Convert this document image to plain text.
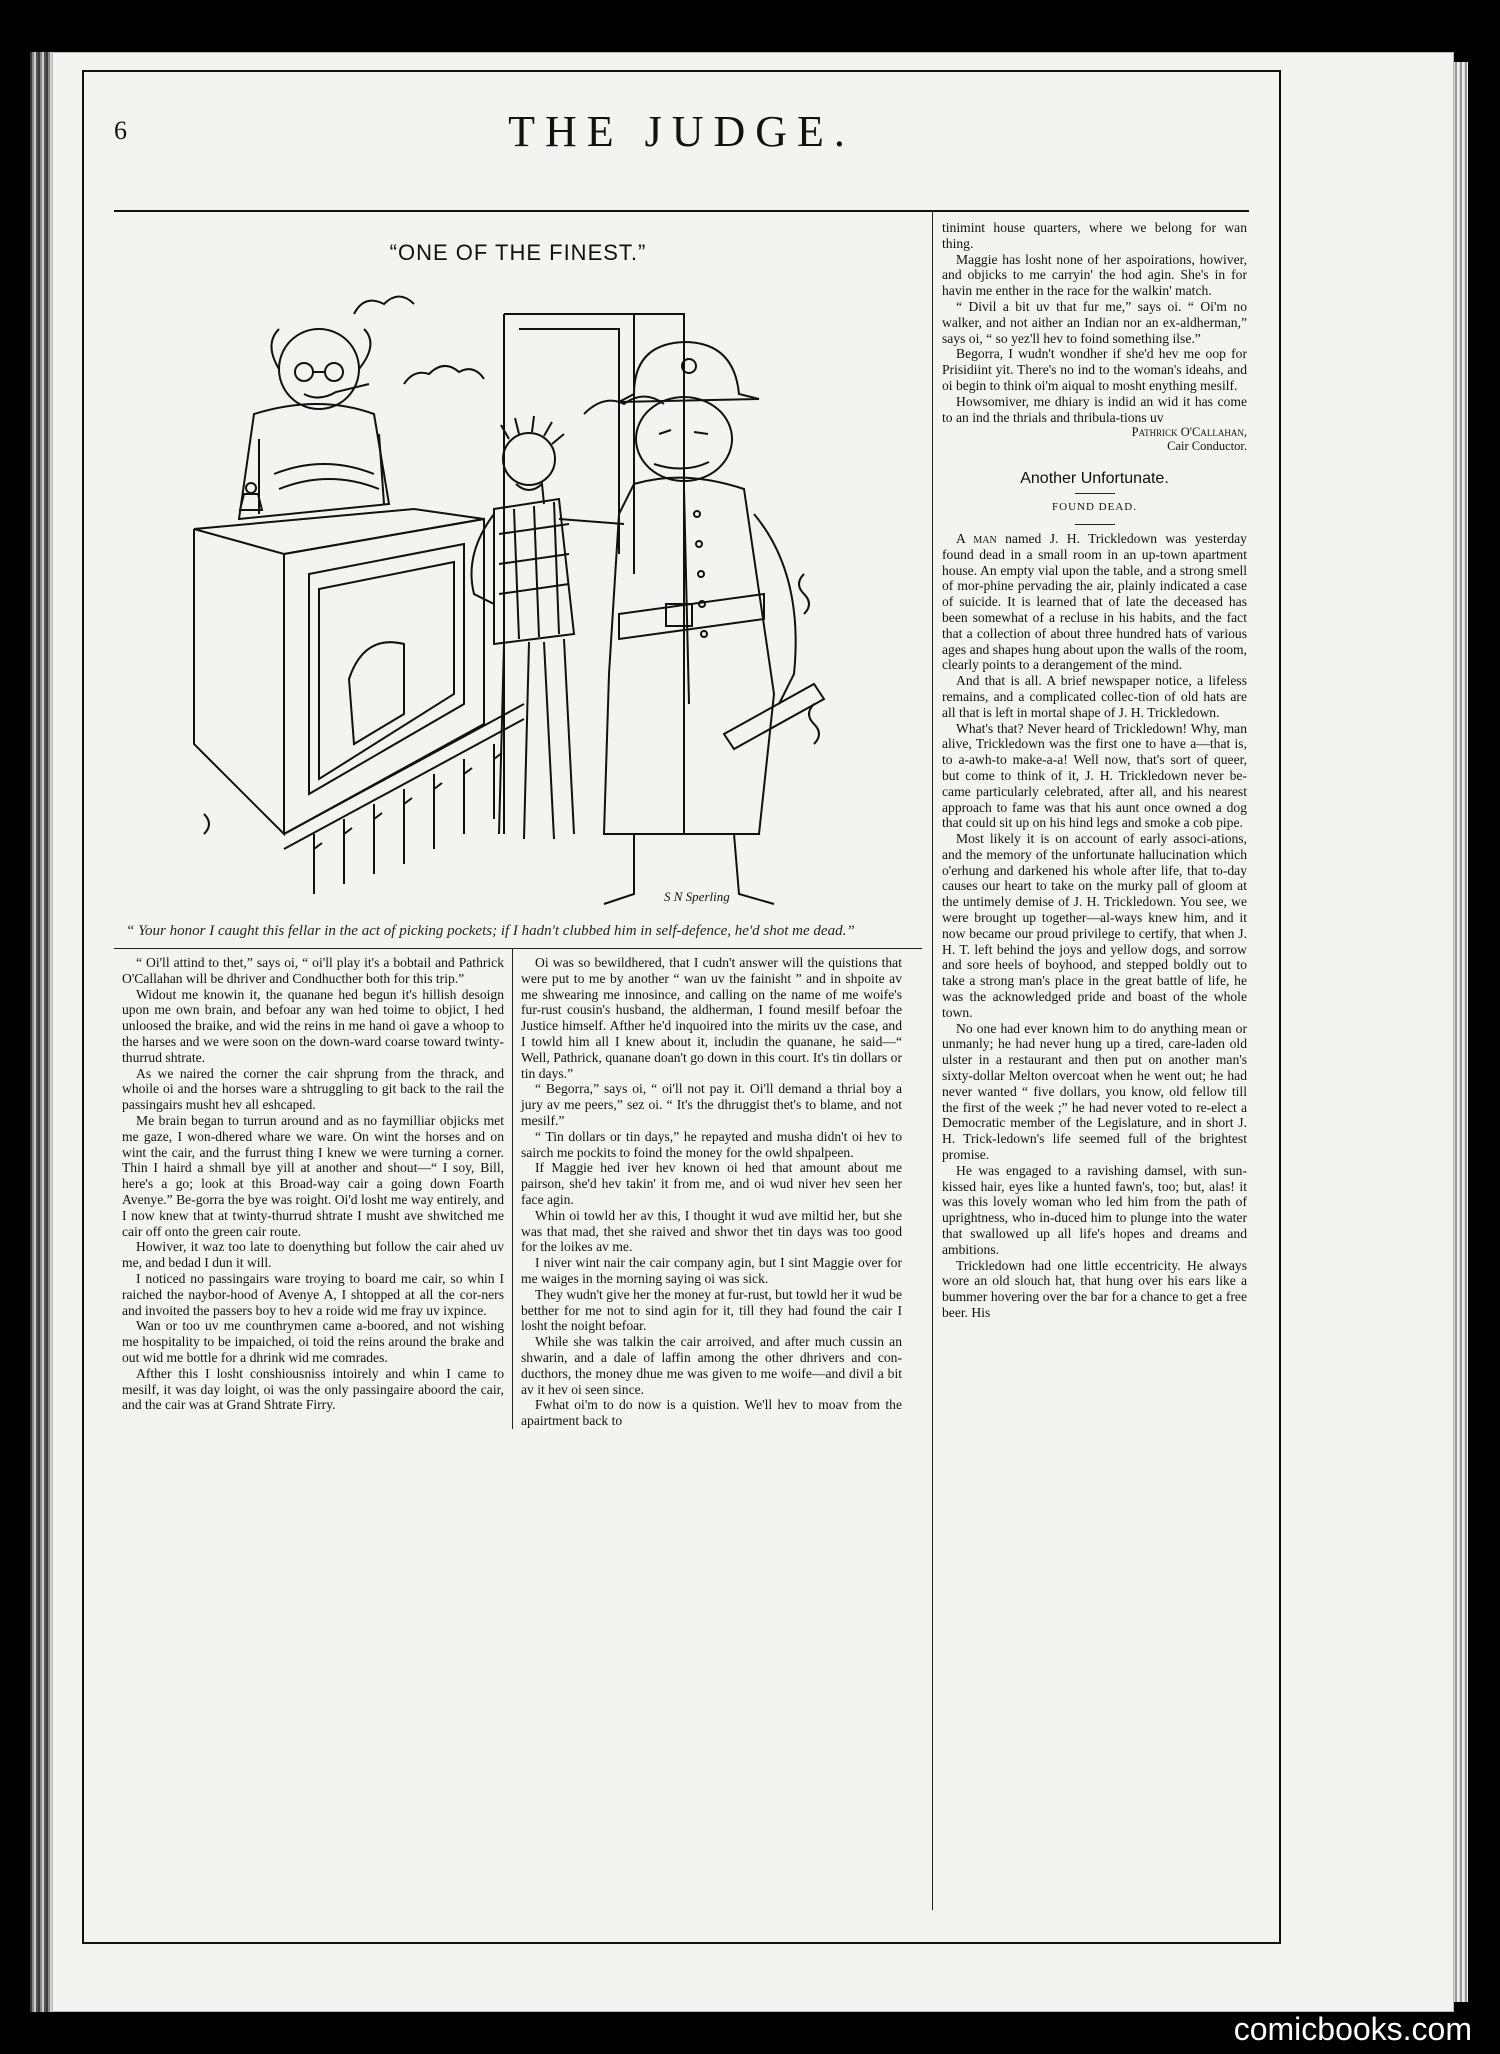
6	THE JUDGE.
“ONE OF THE FINEST.”
S N Sperling
“ Your honor I caught this fellar in the act of picking pockets; if I hadn't clubbed him in self-defence, he'd shot me dead.”

“ Oi'll attind to thet,” says oi, “ oi'll play it's a bobtail and Pathrick O'Callahan will be dhriver and Condhucther both for this trip.”

Widout me knowin it, the quanane hed begun it's hillish desoign upon me own brain, and befoar any wan hed toime to objict, I hed unloosed the braike, and wid the reins in me hand oi gave a whoop to the harses and we were soon on the down-ward coarse toward twinty-thurrud shtrate.

As we naired the corner the cair shprung from the thrack, and whoile oi and the horses ware a shtruggling to git back to the rail the passingairs musht hev all eshcaped.

Me brain began to turrun around and as no faymilliar objicks met me gaze, I won-dhered whare we ware. On wint the horses and on wint the cair, and the furrust thing I knew we were turning a corner. Thin I haird a shmall bye yill at another and shout—“ I soy, Bill, here's a go; look at this Broad-way cair a going down Foarth Avenye.” Be-gorra the bye was roight. Oi'd losht me way entirely, and I now knew that at twinty-thurrud shtrate I musht ave shwitched me cair off onto the green cair route.

Howiver, it waz too late to doenything but follow the cair ahed uv me, and bedad I dun it will.

I noticed no passingairs ware troying to board me cair, so whin I raiched the naybor-hood of Avenye A, I shtopped at all the cor-ners and invoited the passers boy to hev a roide wid me fray uv ixpince.

Wan or too uv me counthrymen came a-boored, and not wishing me hospitality to be impaiched, oi toid the reins around the brake and out wid me bottle for a dhrink wid me comrades.

Afther this I losht conshiousniss intoirely and whin I came to mesilf, it was day loight, oi was the only passingaire aboord the cair, and the cair was at Grand Shtrate Firry.

Oi was so bewildhered, that I cudn't answer will the quistions that were put to me by another “ wan uv the fainisht ” and in shpoite av me shwearing me innosince, and calling on the name of me woife's fur-rust cousin's husband, the aldherman, I found mesilf befoar the Justice himself. Afther he'd inquoired into the mirits uv the case, and I towld him all I knew about it, includin the quanane, he said—“ Well, Pathrick, quanane doan't go down in this court. It's tin dollars or tin days.”

“ Begorra,” says oi, “ oi'll not pay it. Oi'll demand a thrial boy a jury av me peers,” sez oi. “ It's the dhruggist thet's to blame, and not mesilf.”

“ Tin dollars or tin days,” he repayted and musha didn't oi hev to sairch me pockits to foind the money for the owld shpalpeen.

If Maggie hed iver hev known oi hed that amount about me pairson, she'd hev takin' it from me, and oi wud niver hev seen her face agin.

Whin oi towld her av this, I thought it wud ave miltid her, but she was that mad, thet she raived and shwor thet tin days was too good for the loikes av me.

I niver wint nair the cair company agin, but I sint Maggie over for me waiges in the morning saying oi was sick.

They wudn't give her the money at fur-rust, but towld her it wud be betther for me not to sind agin for it, till they had found the cair I losht the noight befoar.

While she was talkin the cair arroived, and after much cussin an shwarin, and a dale of laffin among the other dhrivers and con-ducthors, the money dhue me was given to me woife—and divil a bit av it hev oi seen since.

Fwhat oi'm to do now is a quistion. We'll hev to moav from the apairtment back to

tinimint house quarters, where we belong for wan thing.

Maggie has losht none of her aspoirations, howiver, and objicks to me carryin' the hod agin. She's in for havin me enther in the race for the walkin' match.

“ Divil a bit uv that fur me,” says oi. “ Oi'm no walker, and not aither an Indian nor an ex-aldherman,” says oi, “ so yez'll hev to foind something ilse.”

Begorra, I wudn't wondher if she'd hev me oop for Prisidiint yit. There's no ind to the woman's ideahs, and oi begin to think oi'm aiqual to mosht enything mesilf.

Howsomiver, me dhiary is indid an wid it has come to an ind the thrials and thribula-tions uv

Pathrick O'Callahan,
Cair Conductor.
Another Unfortunate.
FOUND DEAD.

A man named J. H. Trickledown was yesterday found dead in a small room in an up-town apartment house. An empty vial upon the table, and a strong smell of mor-phine pervading the air, plainly indicated a case of suicide. It is learned that of late the deceased has been somewhat of a recluse in his habits, and the fact that a collection of about three hundred hats of various ages and shapes hung about upon the walls of the room, clearly points to a derangement of the mind.

And that is all. A brief newspaper notice, a lifeless remains, and a complicated collec-tion of old hats are all that is left in mortal shape of J. H. Trickledown.

What's that? Never heard of Trickledown! Why, man alive, Trickledown was the first one to have a—that is, to a-awh-to make-a-a! Well now, that's sort of queer, but come to think of it, J. H. Trickledown never be-came particularly celebrated, after all, and his nearest approach to fame was that his aunt once owned a dog that could sit up on his hind legs and smoke a cob pipe.

Most likely it is on account of early associ-ations, and the memory of the unfortunate hallucination which o'erhung and darkened his whole after life, that to-day causes our heart to take on the murky pall of gloom at the untimely demise of J. H. Trickledown. You see, we were brought up together—al-ways knew him, and it now became our proud privilege to certify, that when J. H. T. left behind the joys and yellow dogs, and sorrow and sore heels of boyhood, and stepped boldly out to take a strong man's place in the great battle of life, he was the acknowledged pride and boast of the whole town.

No one had ever known him to do anything mean or unmanly; he had never hung up a tired, care-laden old ulster in a restaurant and then put on another man's sixty-dollar Melton overcoat when he went out; he had never wanted “ five dollars, you know, old fellow till the first of the week ;” he had never voted to re-elect a Democratic member of the Legislature, and in short J. H. Trick-ledown's life seemed full of the brightest promise.

He was engaged to a ravishing damsel, with sun-kissed hair, eyes like a hunted fawn's, too; but, alas! it was this lovely woman who led him from the path of uprightness, who in-duced him to plunge into the water that swallowed up all life's hopes and dreams and ambitions.

Trickledown had one little eccentricity. He always wore an old slouch hat, that hung over his ears like a bummer hovering over the bar for a chance to get a free beer. His

comicbooks.com
